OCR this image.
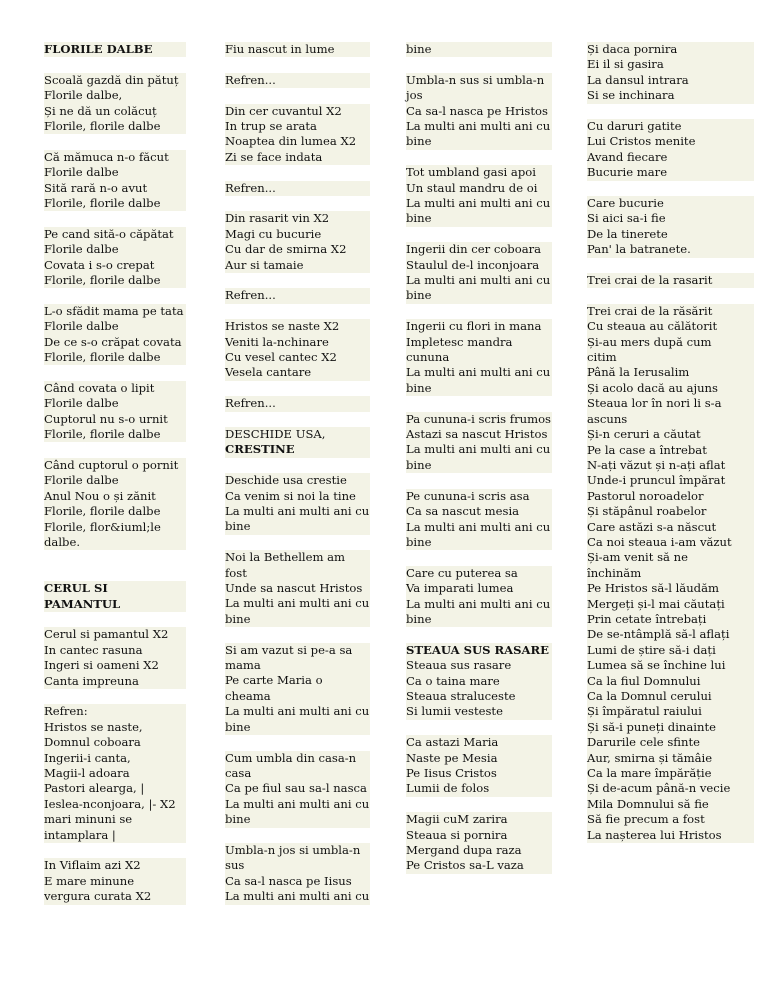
FLORILE DALBE
Scoală gazdă din pătuț
Florile dalbe,
Și ne dă un colăcuț
Florile, florile dalbe
Că mămuca n-o făcut
Florile dalbe
Sită rară n-o avut
Florile, florile dalbe
Pe cand sită-o căpătat
Florile dalbe
Covata i s-o crepat
Florile, florile dalbe
L-o sfădit mama pe tata
Florile dalbe
De ce s-o crăpat covata
Florile, florile dalbe
Când covata o lipit
Florile dalbe
Cuptorul nu s-o urnit
Florile, florile dalbe
Când cuptorul o pornit
Florile dalbe
Anul Nou o și zănit
Florile, florile dalbe
Florile, flor&iuml;le
dalbe.
CERUL SI PAMANTUL
Cerul si pamantul X2
In cantec rasuna
Ingeri si oameni X2
Canta impreuna
Refren:
Hristos se naste,
Domnul coboara
Ingerii-i canta,
Magii-l adoara
Pastori alearga, |
Ieslea-nconjoara, |- X2
mari minuni se
intamplara |
In Viflaim azi X2
E mare minune
vergura curata X2
Fiu nascut in lume
Refren...
Din cer cuvantul X2
In trup se arata
Noaptea din lumea X2
Zi se face indata
Refren...
Din rasarit vin X2
Magi cu bucurie
Cu dar de smirna X2
Aur si tamaie
Refren...
Hristos se naste X2
Veniti la-nchinare
Cu vesel cantec X2
Vesela cantare
Refren...
DESCHIDE USA,
CRESTINE
Deschide usa crestie
Ca venim si noi la tine
La multi ani multi ani cu
bine
Noi la Bethellem am fost
Unde sa nascut Hristos
La multi ani multi ani cu
bine
Si am vazut si pe-a sa
mama
Pe carte Maria o
cheama
La multi ani multi ani cu
bine
Cum umbla din casa-n
casa
Ca pe fiul sau sa-l nasca
La multi ani multi ani cu
bine
Umbla-n jos si umbla-n
sus
Ca sa-l nasca pe Iisus
La multi ani multi ani cu
bine
Umbla-n sus si umbla-n
jos
Ca sa-l nasca pe Hristos
La multi ani multi ani cu
bine
Tot umbland gasi apoi
Un staul mandru de oi
La multi ani multi ani cu
bine
Ingerii din cer coboara
Staulul de-l inconjoara
La multi ani multi ani cu
bine
Ingerii cu flori in mana
Impletesc mandra
cununa
La multi ani multi ani cu
bine
Pa cununa-i scris frumos
Astazi sa nascut Hristos
La multi ani multi ani cu
bine
Pe cununa-i scris asa
Ca sa nascut mesia
La multi ani multi ani cu
bine
Care cu puterea sa
Va imparati lumea
La multi ani multi ani cu
bine
STEAUA SUS RASARE
Steaua sus rasare
Ca o taina mare
Steaua straluceste
Si lumii vesteste
Ca astazi Maria
Naste pe Mesia
Pe Iisus Cristos
Lumii de folos
Magii cuM zarira
Steaua si pornira
Mergand dupa raza
Pe Cristos sa-L vaza
Și daca pornira
Ei il si gasira
La dansul intrara
Si se inchinara
Cu daruri gatite
Lui Cristos menite
Avand fiecare
Bucurie mare
Care bucurie
Si aici sa-i fie
De la tinerete
Pan' la batranete.
Trei crai de la rasarit
Trei crai de la răsărit
Cu steaua au călătorit
Și-au mers după cum
citim
Până la Ierusalim
Și acolo dacă au ajuns
Steaua lor în nori li s-a
ascuns
Și-n ceruri a căutat
Pe la case a întrebat
N-ați văzut și n-ați aflat
Unde-i pruncul împărat
Pastorul noroadelor
Și stăpânul roabelor
Care astăzi s-a născut
Ca noi steaua i-am văzut
Și-am venit să ne
închinăm
Pe Hristos să-l lăudăm
Mergeți și-l mai căutați
Prin cetate întrebați
De se-ntâmplă să-l aflați
Lumi de știre să-i dați
Lumea să se închine lui
Ca la fiul Domnului
Ca la Domnul cerului
Și împăratul raiului
Și să-i puneți dinainte
Darurile cele sfinte
Aur, smirna și tămâie
Ca la mare împărăție
Și de-acum până-n vecie
Mila Domnului să fie
Să fie precum a fost
La nașterea lui Hristos
